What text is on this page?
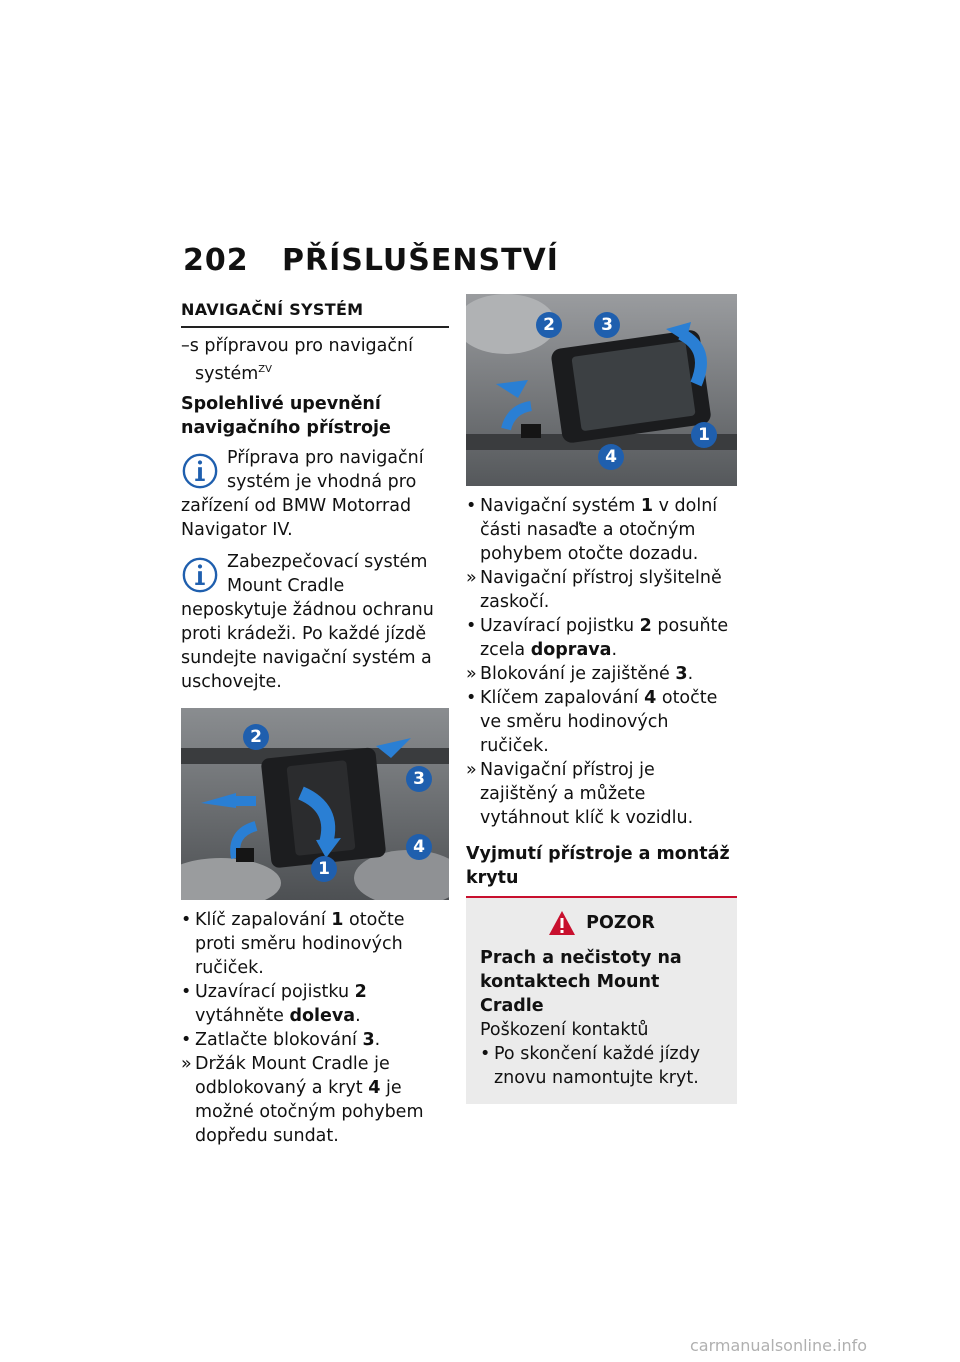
202 PŘÍSLUŠENSTVÍ
NAVIGAČNÍ SYSTÉM
–s přípravou pro navigační systém$^{ZV}$
Spolehlivé upevnění navigačního přístroje
Příprava pro navigační systém je vhodná pro zařízení od BMW Motorrad Navigator IV.
Zabezpečovací systém Mount Cradle neposkytuje žádnou ochranu proti krádeži. Po každé jízdě sundejte navigační systém a uschovejte.
2
3
4
1
• Klíč zapalování 1 otočte proti směru hodinových ručiček.
• Uzavírací pojistku 2 vytáhněte doleva.
• Zatlačte blokování 3.
» Držák Mount Cradle je odblokovaný a kryt 4 je možné otočným pohybem dopředu sundat.
2	3
1
4
• Navigační systém 1 v dolní části nasaďte a otočným pohybem otočte dozadu.
» Navigační přístroj slyšitelně zaskočí.
• Uzavírací pojistku 2 posuňte zcela doprava.
» Blokování je zajištěné 3.
• Klíčem zapalování 4 otočte ve směru hodinových ručiček.
» Navigační přístroj je zajištěný a můžete vytáhnout klíč k vozidlu.
Vyjmutí přístroje a montáž krytu
POZOR
Prach a nečistoty na kontaktech Mount Cradle
Poškození kontaktů
• Po skončení každé jízdy znovu namontujte kryt.
carmanualsonline.info
